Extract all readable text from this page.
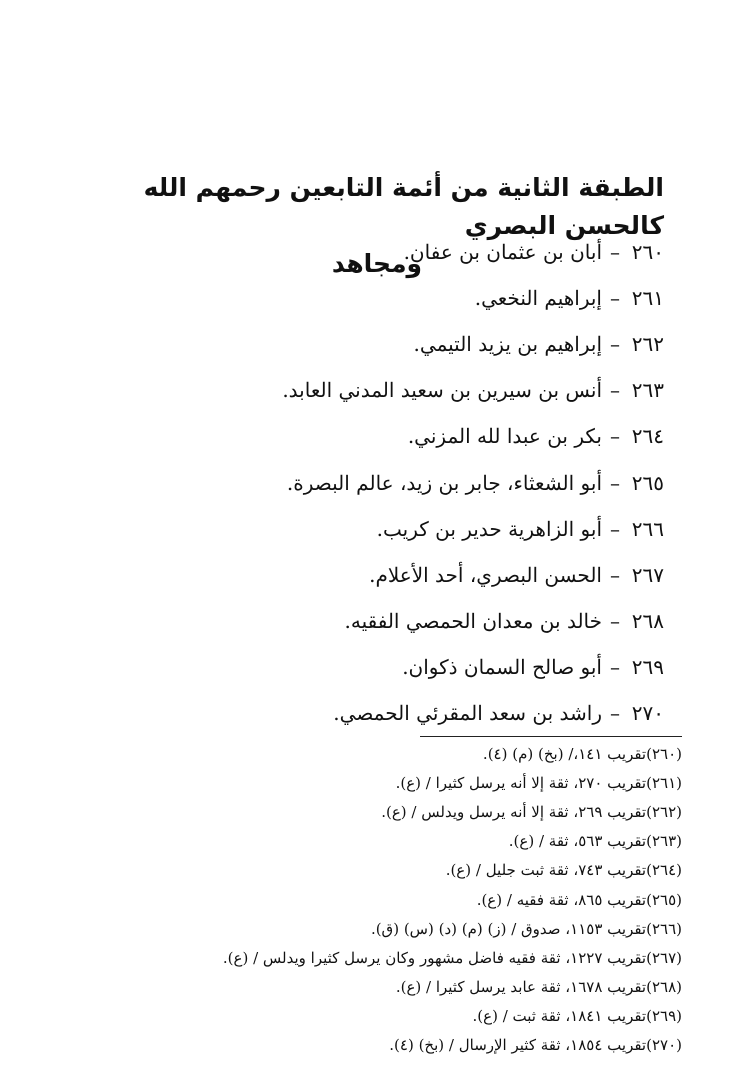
الطبقة الثانية من أئمة التابعين رحمهم الله كالحسن البصري
ومجاهد	٢٦٠
–
أبان بن عثمان بن عفان.
٢٦١
–
إبراهيم النخعي.
٢٦٢
–
إبراهيم بن يزيد التيمي.
٢٦٣
–
أنس بن سيرين بن سعيد المدني العابد.
٢٦٤
–
بكر بن عبدا لله المزني.
٢٦٥
–
أبو الشعثاء، جابر بن زيد، عالم البصرة.
٢٦٦
–
أبو الزاهرية حدير بن كريب.
٢٦٧
–
الحسن البصري، أحد الأعلام.
٢٦٨
–
خالد بن معدان الحمصي الفقيه.
٢٦٩
–
أبو صالح السمان ذكوان.
٢٧٠
–
راشد بن سعد المقرئي الحمصي.
(٢٦٠)تقريب ١٤١،/ (بخ) (م) (٤).
(٢٦١)تقريب ٢٧٠، ثقة إلا أنه يرسل كثيرا / (ع).
(٢٦٢)تقريب ٢٦٩، ثقة إلا أنه يرسل ويدلس / (ع).
(٢٦٣)تقريب ٥٦٣، ثقة / (ع).
(٢٦٤)تقريب ٧٤٣، ثقة ثبت جليل / (ع).
(٢٦٥)تقريب ٨٦٥، ثقة فقيه / (ع).
(٢٦٦)تقريب ١١٥٣، صدوق / (ز) (م) (د) (س) (ق).
(٢٦٧)تقريب ١٢٢٧، ثقة فقيه فاضل مشهور وكان يرسل كثيرا ويدلس / (ع).
(٢٦٨)تقريب ١٦٧٨، ثقة عابد يرسل كثيرا / (ع).
(٢٦٩)تقريب ١٨٤١، ثقة ثبت / (ع).
(٢٧٠)تقريب ١٨٥٤، ثقة كثير الإرسال / (بخ) (٤).
